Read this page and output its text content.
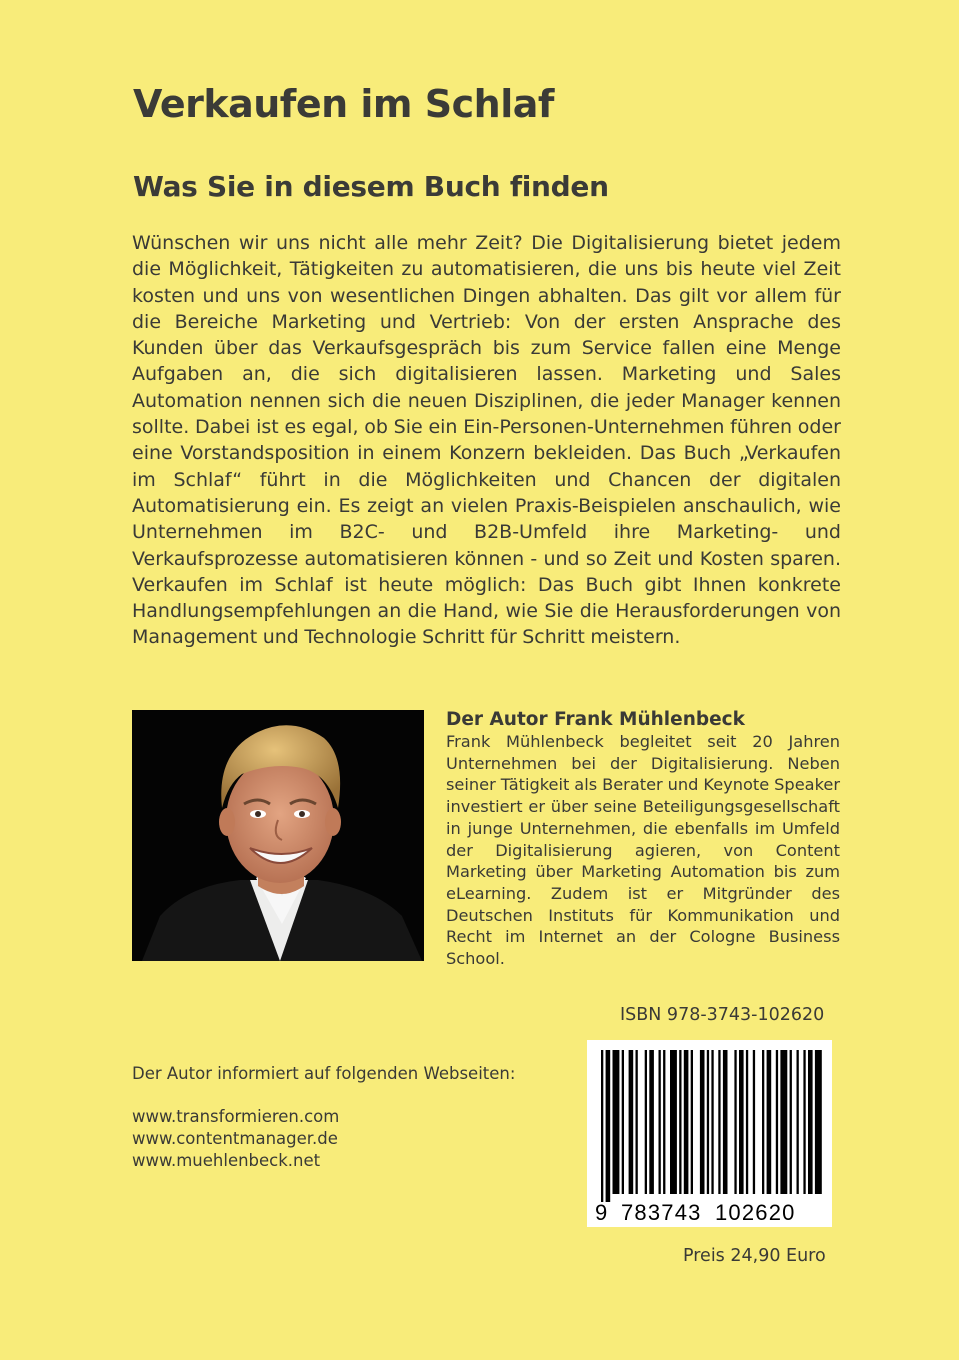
Verkaufen im Schlaf
Was Sie in diesem Buch finden

Wünschen wir uns nicht alle mehr Zeit? Die Digitalisierung bietet jedem die Möglichkeit, Tätigkeiten zu automatisieren, die uns bis heute viel Zeit kosten und uns von wesentlichen Dingen abhalten. Das gilt vor allem für die Bereiche Marketing und Vertrieb: Von der ersten Ansprache des Kunden über das Verkaufsgespräch bis zum Service fallen eine Menge Aufgaben an, die sich digitalisieren lassen. Marketing und Sales Automation nennen sich die neuen Disziplinen, die jeder Manager kennen sollte. Dabei ist es egal, ob Sie ein Ein-Personen-Unternehmen führen oder eine Vorstandsposition in einem Konzern bekleiden. Das Buch „Verkaufen im Schlaf“ führt in die Möglichkeiten und Chancen der digitalen Automatisierung ein. Es zeigt an vielen Praxis-Beispielen anschaulich, wie Unternehmen im B2C- und B2B-Umfeld ihre Marketing- und Verkaufsprozesse automatisieren können - und so Zeit und Kosten sparen. Verkaufen im Schlaf ist heute möglich: Das Buch gibt Ihnen konkrete Handlungsempfehlungen an die Hand, wie Sie die Herausforderungen von Management und Technologie Schritt für Schritt meistern.

Der Autor Frank Mühlenbeck

Frank Mühlenbeck begleitet seit 20 Jahren Unternehmen bei der Digitalisierung. Neben seiner Tätigkeit als Berater und Keynote Speaker investiert er über seine Beteiligungsgesellschaft in junge Unternehmen, die ebenfalls im Umfeld der Digitalisierung agieren, von Content Marketing über Marketing Automation bis zum eLearning. Zudem ist er Mitgründer des Deutschen Instituts für Kommunikation und Recht im Internet an der Cologne Business School.

ISBN 978-3743-102620

9 783743 102620

Der Autor informiert auf folgenden Webseiten:

www.transformieren.com
www.contentmanager.de
www.muehlenbeck.net

Preis 24,90 Euro
